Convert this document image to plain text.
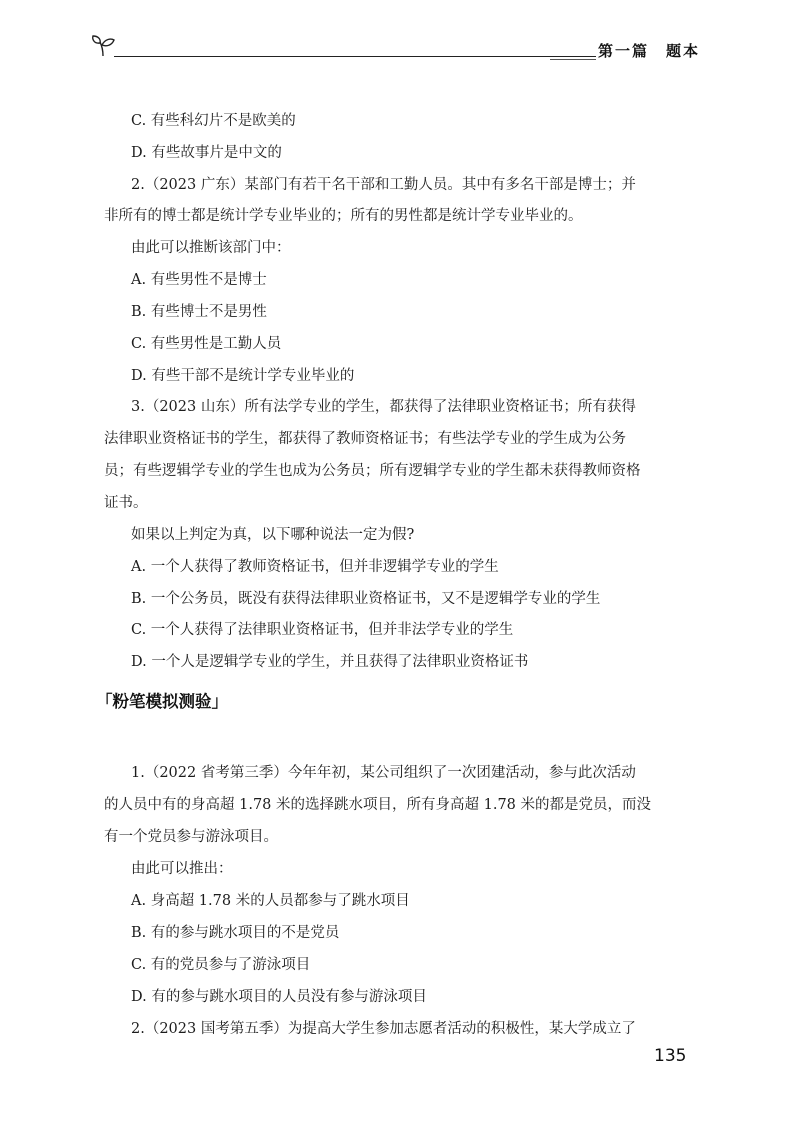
第一篇　题本
C. 有些科幻片不是欧美的
D. 有些故事片是中文的
2.（2023 广东）某部门有若干名干部和工勤人员。其中有多名干部是博士；并
非所有的博士都是统计学专业毕业的；所有的男性都是统计学专业毕业的。
由此可以推断该部门中：
A. 有些男性不是博士
B. 有些博士不是男性
C. 有些男性是工勤人员
D. 有些干部不是统计学专业毕业的
3.（2023 山东）所有法学专业的学生，都获得了法律职业资格证书；所有获得
法律职业资格证书的学生，都获得了教师资格证书；有些法学专业的学生成为公务
员；有些逻辑学专业的学生也成为公务员；所有逻辑学专业的学生都未获得教师资格
证书。
如果以上判定为真，以下哪种说法一定为假?
A. 一个人获得了教师资格证书，但并非逻辑学专业的学生
B. 一个公务员，既没有获得法律职业资格证书，又不是逻辑学专业的学生
C. 一个人获得了法律职业资格证书，但并非法学专业的学生
D. 一个人是逻辑学专业的学生，并且获得了法律职业资格证书
「粉笔模拟测验」
1.（2022 省考第三季）今年年初，某公司组织了一次团建活动，参与此次活动
的人员中有的身高超 1.78 米的选择跳水项目，所有身高超 1.78 米的都是党员，而没
有一个党员参与游泳项目。
由此可以推出：
A. 身高超 1.78 米的人员都参与了跳水项目
B. 有的参与跳水项目的不是党员
C. 有的党员参与了游泳项目
D. 有的参与跳水项目的人员没有参与游泳项目
2.（2023 国考第五季）为提高大学生参加志愿者活动的积极性，某大学成立了
135
